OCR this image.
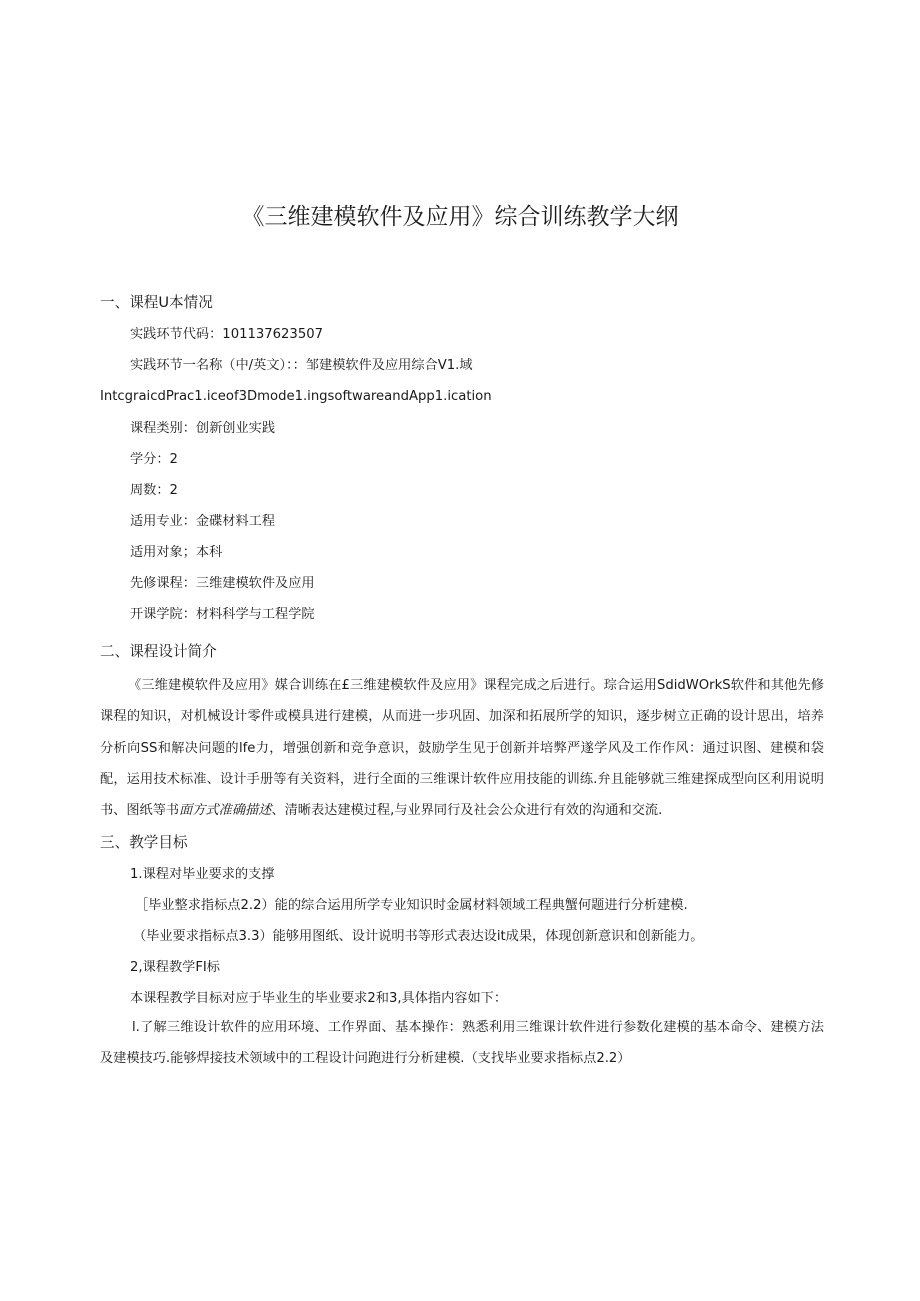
《三维建模软件及应用》综合训练教学大纲
一、课程U本情况
实践环节代码：101137623507
实践环节一名称（中/英文）：：邹建模软件及应用综合V1.域
IntcgraicdPrac1.iceof3Dmode1.ingsoftwareandApp1.ication
课程类别：创新创业实践
学分：2
周数：2
适用专业：金碟材料工程
适用对象；本科
先修课程：三维建模软件及应用
开课学院：材料科学与工程学院
二、课程设计简介
《三维建模软件及应用》媒合训练在£三维建模软件及应用》课程完成之后进行。琮合运用SdidWOrkS软件和其他先修课程的知识，对机械设计零件或模具进行建模，从而进一步巩固、加深和拓展所学的知识，逐步树立正确的设计思出，培养分析向SS和解决问题的lfe力，增强创新和竞争意识，鼓励学生见于创新并培弊严遂学风及工作作风：通过识图、建模和袋配，运用技术标准、设计手册等有关资料，进行全面的三维课计软件应用技能的训练.弁且能够就三维建探成型向区利用说明书、图纸等书面方式准确描述、清晰表达建模过程,与业界同行及社会公众进行有效的沟通和交流.
三、教学目标
1.课程对毕业要求的支撑
［毕业整求指标点2.2）能的综合运用所学专业知识时金属材料领域工程典蟹何题进行分析建模.
（毕业要求指标点3.3）能够用图纸、设计说明书等形式表达设it成果，体现创新意识和创新能力。
2,课程教学FI标
本课程教学目标对应于毕业生的毕业要求2和3,具体指内容如下：
l.了解三维设计软件的应用环境、工作界面、基本操作：熟悉利用三维课计软件进行参数化建模的基本命令、建模方法及建模技巧.能够焊接技术领域中的工程设计问跑进行分析建模.（支找毕业要求指标点2.2）
